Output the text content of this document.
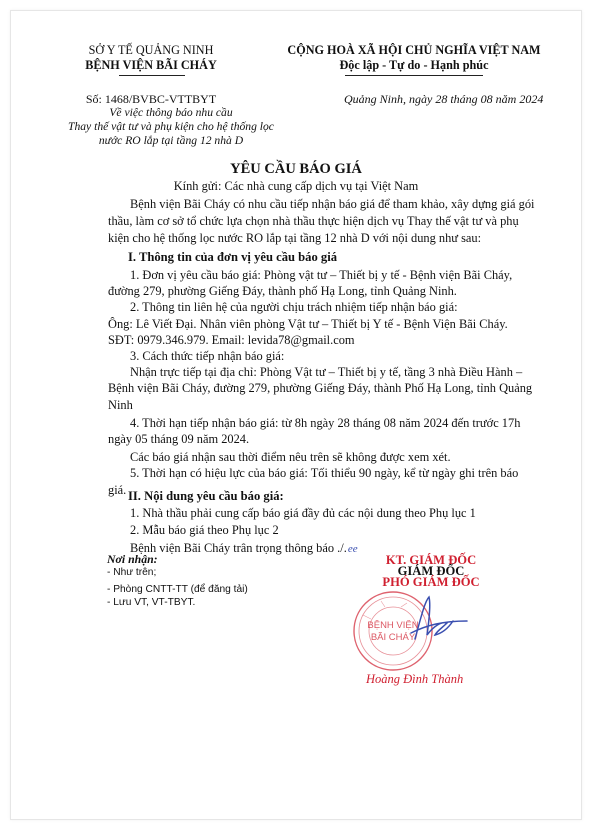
SỞ Y TẾ QUẢNG NINH
BỆNH VIỆN BÃI CHÁY
CỘNG HOÀ XÃ HỘI CHỦ NGHĨA VIỆT NAM
Độc lập - Tự do - Hạnh phúc
Số: 1468/BVBC-VTTBYT	Quảng Ninh, ngày 28 tháng 08 năm 2024
Về việc thông báo nhu cầu
Thay thế vật tư và phụ kiện cho hệ thống lọc
nước RO lắp tại tầng 12 nhà D
YÊU CẦU BÁO GIÁ
Kính gửi: Các nhà cung cấp dịch vụ tại Việt Nam
Bệnh viện Bãi Cháy có nhu cầu tiếp nhận báo giá để tham khảo, xây dựng giá gói
thầu, làm cơ sở tổ chức lựa chọn nhà thầu thực hiện dịch vụ Thay thế vật tư và phụ
kiện cho hệ thống lọc nước RO lắp tại tầng 12 nhà D với nội dung như sau:
I. Thông tin của đơn vị yêu cầu báo giá
1. Đơn vị yêu cầu báo giá: Phòng vật tư – Thiết bị y tế - Bệnh viện Bãi Cháy,
đường 279, phường Giếng Đáy, thành phố Hạ Long, tỉnh Quảng Ninh.
2. Thông tin liên hệ của người chịu trách nhiệm tiếp nhận báo giá:
Ông: Lê Viết Đại. Nhân viên phòng Vật tư – Thiết bị Y tế - Bệnh Viện Bãi Cháy.
SĐT: 0979.346.979. Email: levida78@gmail.com
3. Cách thức tiếp nhận báo giá:
Nhận trực tiếp tại địa chỉ: Phòng Vật tư – Thiết bị y tế, tầng 3 nhà Điều Hành –
Bệnh viện Bãi Cháy, đường 279, phường Giếng Đáy, thành Phố Hạ Long, tỉnh Quảng
Ninh
4. Thời hạn tiếp nhận báo giá: từ 8h ngày 28 tháng 08 năm 2024 đến trước 17h
ngày 05 tháng 09 năm 2024.
Các báo giá nhận sau thời điểm nêu trên sẽ không được xem xét.
5. Thời hạn có hiệu lực của báo giá: Tối thiểu 90 ngày, kể từ ngày ghi trên báo
giá. II. Nội dung yêu cầu báo giá:
1. Nhà thầu phải cung cấp báo giá đầy đủ các nội dung theo Phụ lục 1
2. Mẫu báo giá theo Phụ lục 2
Bệnh viện Bãi Cháy trân trọng thông báo ./.ee
Nơi nhận:
- Như trên;
- Phòng CNTT-TT (để đăng tải)
- Lưu VT, VT-TBYT.
KT. GIÁM ĐỐC
GIÁM ĐỐC
PHÓ GIÁM ĐỐC
BỆNH VIỆN
BÃI CHÁY
Hoàng Đình Thành
